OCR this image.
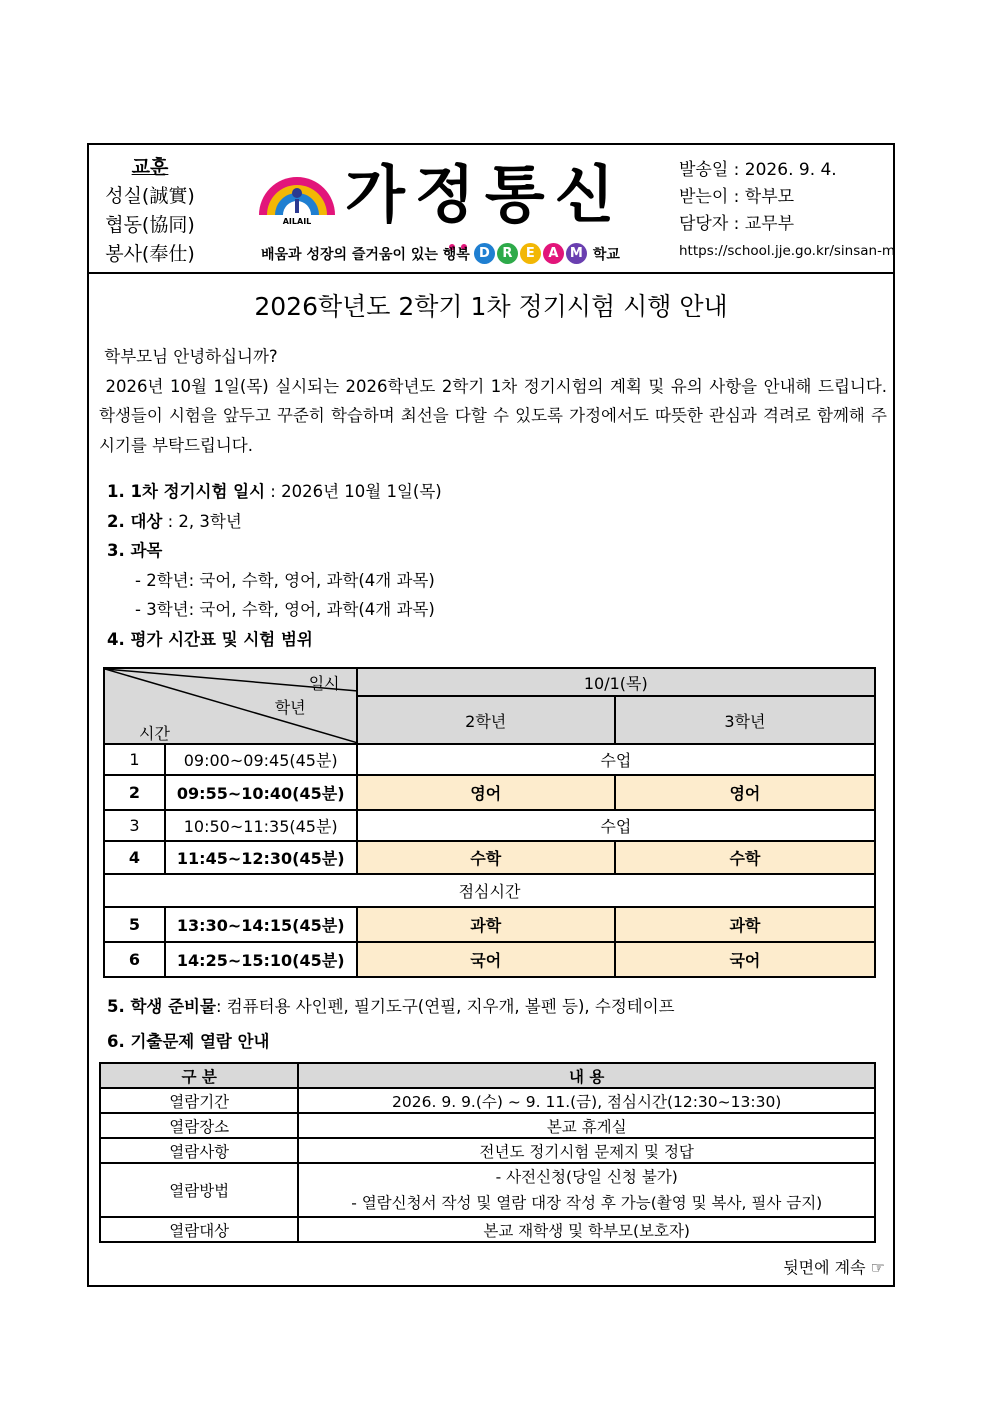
교훈
성실(誠實)
협동(協同)
봉사(奉仕)
AILAIL 가정통신
배움과 성장의 즐거움이 있는 행복 D R	E	A M 학교
발송일 : 2026. 9. 4.
받는이 : 학부모
담당자 : 교무부
https://school.jje.go.kr/sinsan-m
2026학년도 2학기 1차 정기시험 시행 안내

학부모님 안녕하십니까?

2026년 10월 1일(목) 실시되는 2026학년도 2학기 1차 정기시험의 계획 및 유의 사항을 안내해 드립니다. 학생들이 시험을 앞두고 꾸준히 학습하며 최선을 다할 수 있도록 가정에서도 따뜻한 관심과 격려로 함께해 주시기를 부탁드립니다.

1. 1차 정기시험 일시 : 2026년 10월 1일(목)
2. 대상 : 2, 3학년
3. 과목
- 2학년: 국어, 수학, 영어, 과학(4개 과목)
- 3학년: 국어, 수학, 영어, 과학(4개 과목)
4. 평가 시간표 및 시험 범위
일시
학년
시간		10/1(목)	
		2학년	3학년
1	09:00~09:45(45분)	수업	
2	09:55~10:40(45분)	영어	영어
3	10:50~11:35(45분)	수업	
4	11:45~12:30(45분)	수학	수학
점심시간			
5	13:30~14:15(45분)	과학	과학
6	14:25~15:10(45분)	국어	국어
5. 학생 준비물: 컴퓨터용 사인펜, 필기도구(연필, 지우개, 볼펜 등), 수정테이프
6. 기출문제 열람 안내
구 분	내 용
열람기간	2026. 9. 9.(수) ~ 9. 11.(금), 점심시간(12:30~13:30)
열람장소	본교 휴게실
열람사항	전년도 정기시험 문제지 및 정답
열람방법	- 사전신청(당일 신청 불가)
- 열람신청서 작성 및 열람 대장 작성 후 가능(촬영 및 복사, 필사 금지)

열람대상	본교 재학생 및 학부모(보호자)
뒷면에 계속 ☞
